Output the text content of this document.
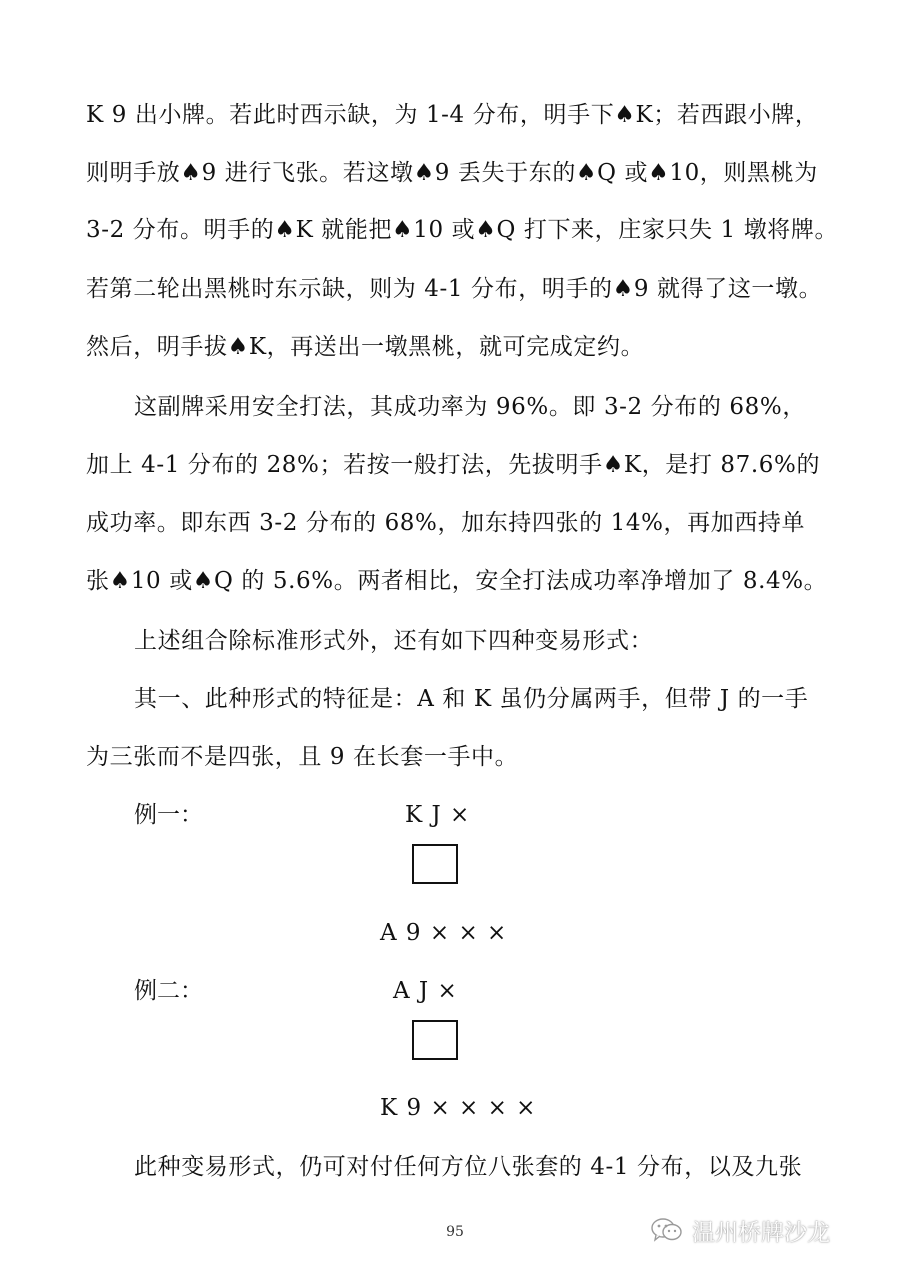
K 9 出小牌。若此时西示缺，为 1-4 分布，明手下♠K；若西跟小牌，
则明手放♠9 进行飞张。若这墩♠9 丢失于东的♠Q 或♠10，则黑桃为
3-2 分布。明手的♠K 就能把♠10 或♠Q 打下来，庄家只失 1 墩将牌。
若第二轮出黑桃时东示缺，则为 4-1 分布，明手的♠9 就得了这一墩。
然后，明手拔♠K，再送出一墩黑桃，就可完成定约。
这副牌采用安全打法，其成功率为 96%。即 3-2 分布的 68%，
加上 4-1 分布的 28%；若按一般打法，先拔明手♠K，是打 87.6%的
成功率。即东西 3-2 分布的 68%，加东持四张的 14%，再加西持单
张♠10 或♠Q 的 5.6%。两者相比，安全打法成功率净增加了 8.4%。
上述组合除标准形式外，还有如下四种变易形式：
其一、此种形式的特征是：A 和 K 虽仍分属两手，但带 J 的一手
为三张而不是四张，且 9 在长套一手中。
例一：	K J ×
A 9 × × ×
例二：	A J ×
K 9 × × × ×
此种变易形式，仍可对付任何方位八张套的 4-1 分布，以及九张
95	温州桥牌沙龙
